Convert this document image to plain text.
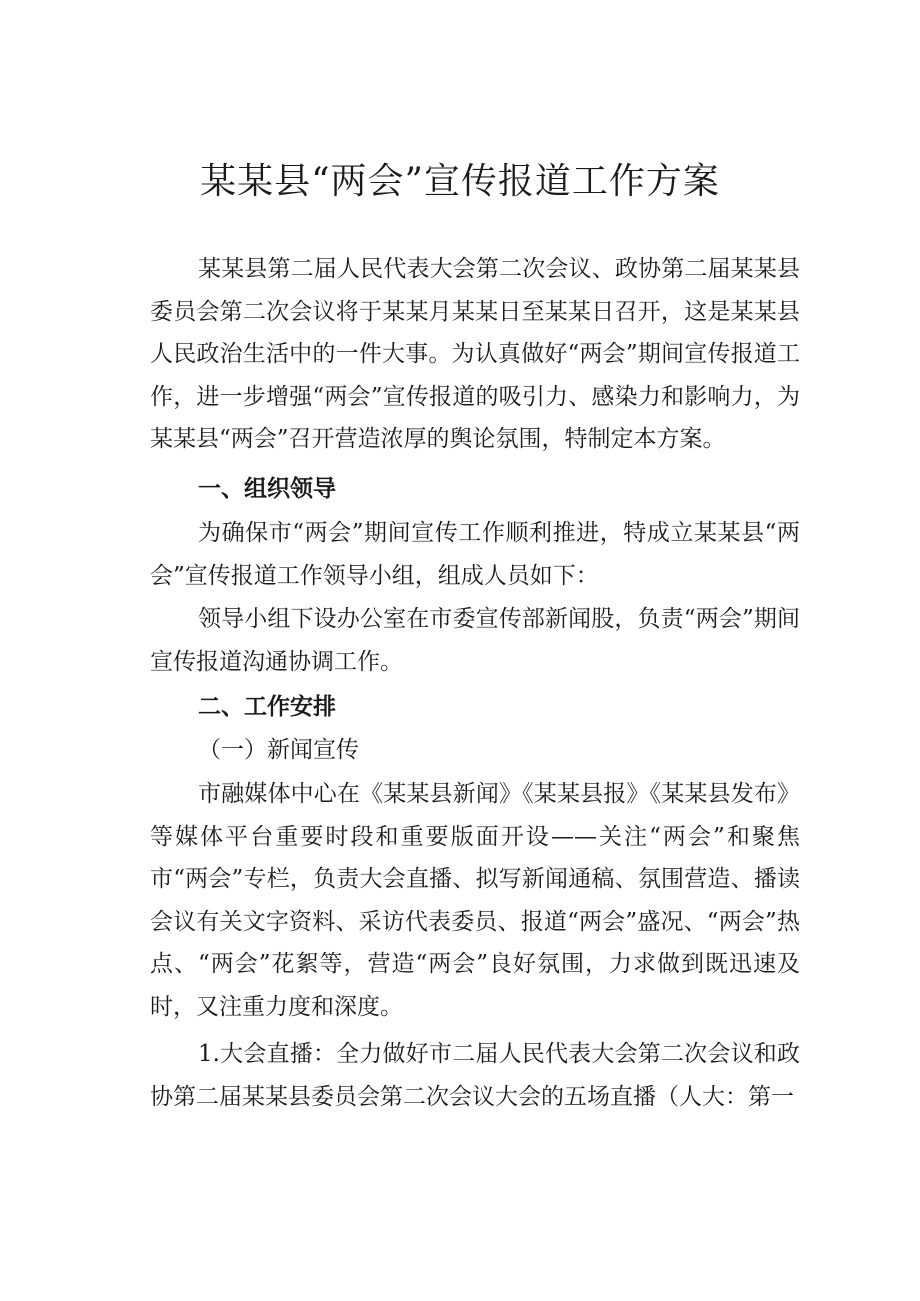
某某县“两会”宣传报道工作方案

某某县第二届人民代表大会第二次会议、政协第二届某某县委员会第二次会议将于某某月某某日至某某日召开，这是某某县人民政治生活中的一件大事。为认真做好“两会”期间宣传报道工作，进一步增强“两会”宣传报道的吸引力、感染力和影响力，为某某县“两会”召开营造浓厚的舆论氛围，特制定本方案。

一、组织领导

为确保市“两会”期间宣传工作顺利推进，特成立某某县“两会”宣传报道工作领导小组，组成人员如下：

领导小组下设办公室在市委宣传部新闻股，负责“两会”期间宣传报道沟通协调工作。

二、工作安排

（一）新闻宣传

市融媒体中心在《某某县新闻》《某某县报》《某某县发布》等媒体平台重要时段和重要版面开设——关注“两会”和聚焦市“两会”专栏，负责大会直播、拟写新闻通稿、氛围营造、播读会议有关文字资料、采访代表委员、报道“两会”盛况、“两会”热点、“两会”花絮等，营造“两会”良好氛围，力求做到既迅速及时，又注重力度和深度。

1.大会直播：全力做好市二届人民代表大会第二次会议和政协第二届某某县委员会第二次会议大会的五场直播（人大：第一
